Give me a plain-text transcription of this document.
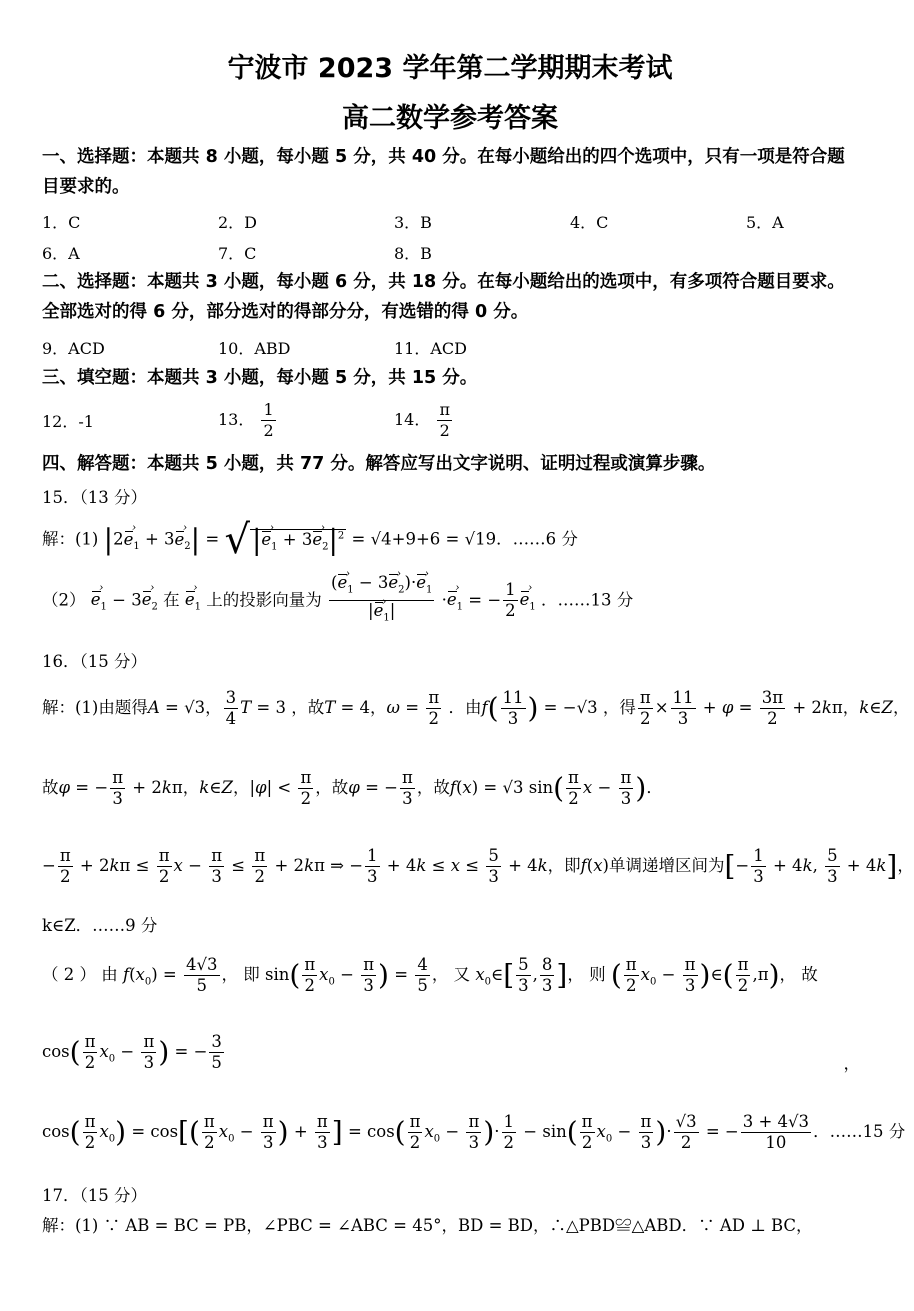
宁波市 2023 学年第二学期期末考试
高二数学参考答案
一、选择题：本题共 8 小题，每小题 5 分，共 40 分。在每小题给出的四个选项中，只有一项是符合题目要求的。
1．C	2．D	3．B	4．C	5．A
6．A	7．C	8．B
二、选择题：本题共 3 小题，每小题 6 分，共 18 分。在每小题给出的选项中，有多项符合题目要求。全部选对的得 6 分，部分选对的得部分分，有选错的得 0 分。
9．ACD	10．ABD	11．ACD
三、填空题：本题共 3 小题，每小题 5 分，共 15 分。
12．-1	13． $\frac{1}{2}$	14． $\frac{\pi}{2}$
四、解答题：本题共 5 小题，共 77 分。解答应写出文字说明、证明过程或演算步骤。
15．（13 分）
解：(1) |2e $›_1 + 3e$ $›_2| = √|e$ $›_1 + 3e$ $›_2|^2 = √4+9+6 = √19$．……6 分
（2） e $›_1 - 3e$ $›_2$ 在 e $›_1$ 上的投影向量为 $\frac{(e ›_1 - 3e ›_2)\cdot e ›_1}{|e ›_1|} \cdot e$ $›_1$ = − $\frac{1}{2}$ e $›_1$ ．……13 分
16．（15 分）
解：(1)由题得A = √3， $\frac{3}{4}$ T = 3 ，故T = 4，$\omega = \frac{\pi}{2}$ ．由$f( \frac{11}{3}$ ) = −√3 ，得 $\frac{\pi}{2} \times \frac{11}{3} + \varphi = \frac{3\pi}{2} + 2k\pi$，k∈Z，
故φ = − $\frac{\pi}{3} + 2k\pi$，k∈Z，$|\varphi| < \frac{\pi}{2}$ ，故φ = − $\frac{\pi}{3}$ ，故f(x) = √3 $\sin( \frac{\pi}{2}$ $x - \frac{\pi}{3}$ )．
− $\frac{\pi}{2} + 2k\pi \le \frac{\pi}{2}$ $x - \frac{\pi}{3} \le \frac{\pi}{2} + 2k\pi$ ⇒ − $\frac{1}{3} + 4k \le x \le \frac{5}{3} + 4k$，即f(x)单调递增区间为[− $\frac{1}{3} + 4k$, $\frac{5}{3} + 4k$]，
k∈Z．……9 分
（ 2 ） 由 $f(x_0) = \frac{4√3}{5}$ ， 即 $\sin( \frac{\pi}{2} x_0 - \frac{\pi}{3}$ ) = $\frac{4}{5}$ ， 又 $x_0\in[ \frac{5}{3}$ , $\frac{8}{3}$ ]， 则 ( $\frac{\pi}{2} x_0 - \frac{\pi}{3}$ )∈( $\frac{\pi}{2} ,\pi$)， 故
$\cos( \frac{\pi}{2} x_0 - \frac{\pi}{3}$ ) = − $\frac{3}{5}$	，
$\cos( \frac{\pi}{2} x_0) = \cos[( \frac{\pi}{2} x_0 - \frac{\pi}{3}$ ) + $\frac{\pi}{3}$ ] = $\cos( \frac{\pi}{2} x_0 - \frac{\pi}{3}$ )· $\frac{1}{2} - \sin( \frac{\pi}{2} x_0 - \frac{\pi}{3}$ )· $\frac{√3}{2}$ = − $\frac{3 + 4√3}{10}$ ．……15 分
17．（15 分）
解：(1) ∵ AB = BC = PB，∠PBC = ∠ABC = 45°，BD = BD，∴△PBD≌△ABD．∵ AD ⊥ BC，
